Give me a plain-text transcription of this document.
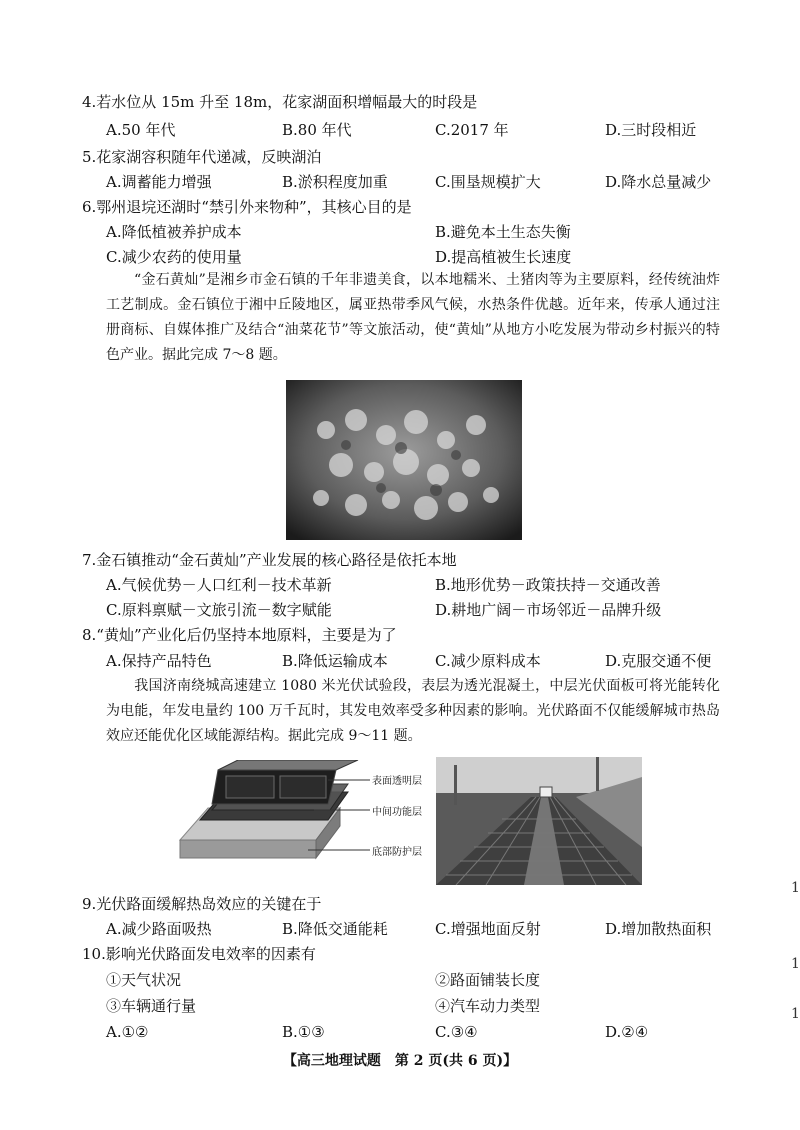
4.若水位从 15m 升至 18m，花家湖面积增幅最大的时段是
A.50 年代	B.80 年代	C.2017 年	D.三时段相近
5.花家湖容积随年代递减，反映湖泊
A.调蓄能力增强	B.淤积程度加重	C.围垦规模扩大	D.降水总量减少
6.鄂州退垸还湖时“禁引外来物种”，其核心目的是
A.降低植被养护成本	B.避免本土生态失衡
C.减少农药的使用量	D.提高植被生长速度
“金石黄灿”是湘乡市金石镇的千年非遗美食，以本地糯米、土猪肉等为主要原料，经传统油炸工艺制成。金石镇位于湘中丘陵地区，属亚热带季风气候，水热条件优越。近年来，传承人通过注册商标、自媒体推广及结合“油菜花节”等文旅活动，使“黄灿”从地方小吃发展为带动乡村振兴的特色产业。据此完成 7～8 题。
7.金石镇推动“金石黄灿”产业发展的核心路径是依托本地
A.气候优势－人口红利－技术革新	B.地形优势－政策扶持－交通改善
C.原料禀赋－文旅引流－数字赋能	D.耕地广阔－市场邻近－品牌升级
8.“黄灿”产业化后仍坚持本地原料，主要是为了
A.保持产品特色	B.降低运输成本	C.减少原料成本	D.克服交通不便
我国济南绕城高速建立 1080 米光伏试验段，表层为透光混凝土，中层光伏面板可将光能转化为电能，年发电量约 100 万千瓦时，其发电效率受多种因素的影响。光伏路面不仅能缓解城市热岛效应还能优化区域能源结构。据此完成 9～11 题。
表面透明层
中间功能层
底部防护层
9.光伏路面缓解热岛效应的关键在于
A.减少路面吸热	B.降低交通能耗	C.增强地面反射	D.增加散热面积
10.影响光伏路面发电效率的因素有
①天气状况	②路面铺装长度
③车辆通行量	④汽车动力类型
A.①②	B.①③	C.③④	D.②④
【高三地理试题　第 2 页(共 6 页)】
1
1
1
